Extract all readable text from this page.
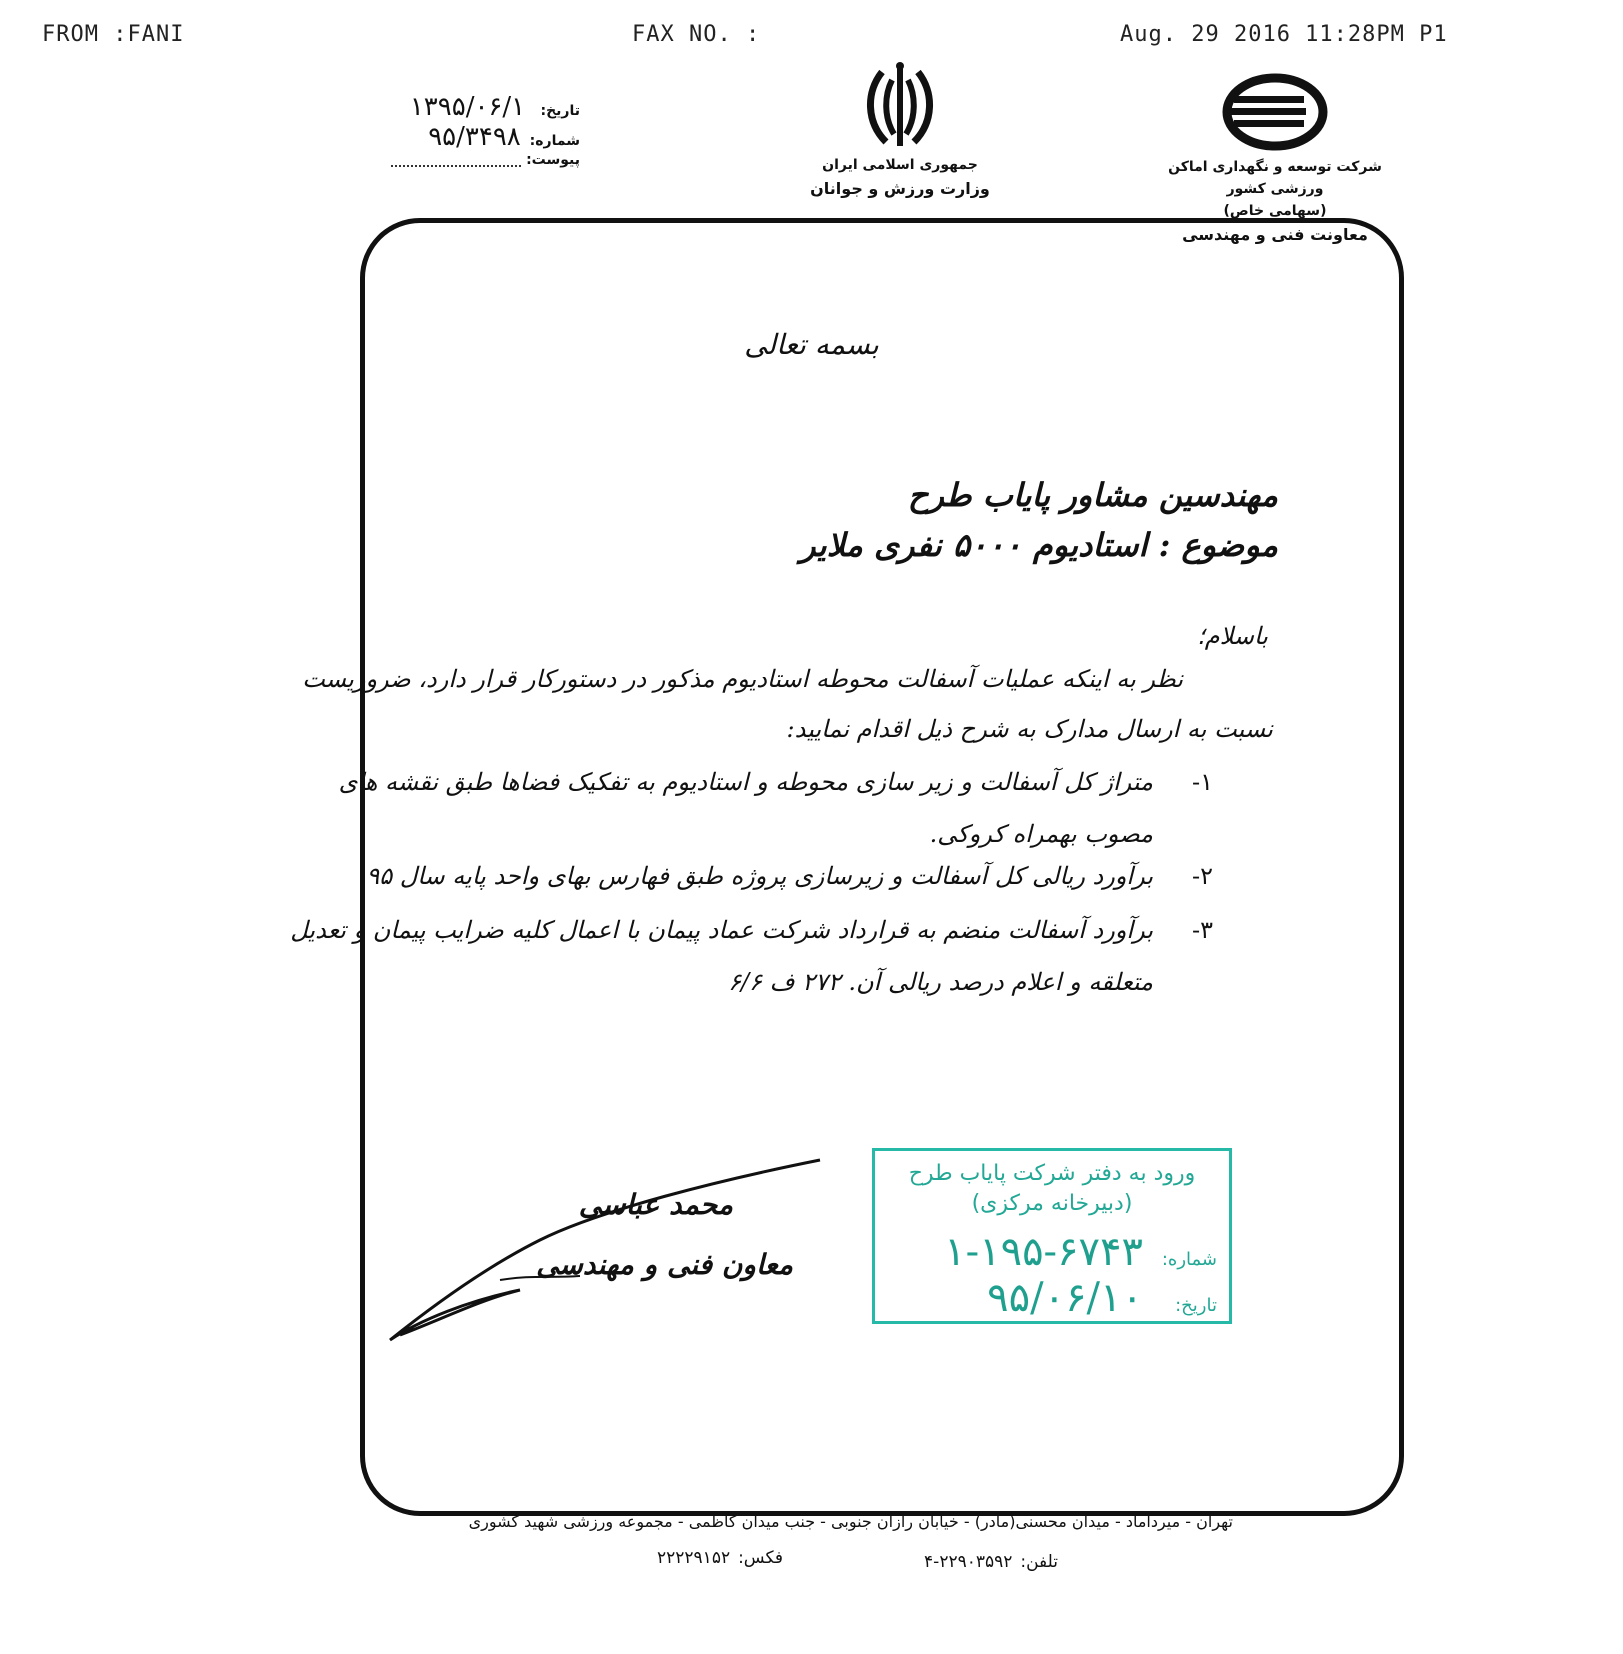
FROM :FANI	FAX NO. :	Aug. 29 2016 11:28PM P1
شرکت توسعه و نگهداری اماکن ورزشی کشور
(سهامی خاص)
معاونت فنی و مهندسی
جمهوری اسلامی ایران
وزارت ورزش و جوانان
تاریخ: ۱۳۹۵/۰۶/۱
شماره: ۹۵/۳۴۹۸
پیوست:
بسمه تعالی
مهندسین مشاور پایاب طرح
موضوع : استادیوم ۵۰۰۰ نفری ملایر
باسلام؛
نظر به اینکه عملیات آسفالت محوطه استادیوم مذکور در دستورکار قرار دارد، ضروریست
نسبت به ارسال مدارک به شرح ذیل اقدام نمایید:
۱-متراژ کل آسفالت و زیر سازی محوطه و استادیوم به تفکیک فضاها طبق نقشه های
مصوب بهمراه کروکی.
۲-برآورد ریالی کل آسفالت و زیرسازی پروژه طبق فهارس بهای واحد پایه سال ۹۵.
۳-برآورد آسفالت منضم به قرارداد شرکت عماد پیمان با اعمال کلیه ضرایب پیمان و تعدیل
متعلقه و اعلام درصد ریالی آن. ۲۷۲ ف ۶/۶
محمد عباسی
معاون فنی و مهندسی
ورود به دفتر شرکت پایاب طرح
(دبیرخانه مرکزی)
شماره:۱-۱۹۵-۶۷۴۳
تاریخ:۹۵/۰۶/۱۰
تهران - میرداماد - میدان محسنی(مادر) - خیابان رازان جنوبی - جنب میدان کاظمی - مجموعه ورزشی شهید کشوری
تلفن:۲۲۹۰۳۵۹۲-۴
فکس:۲۲۲۲۹۱۵۲
